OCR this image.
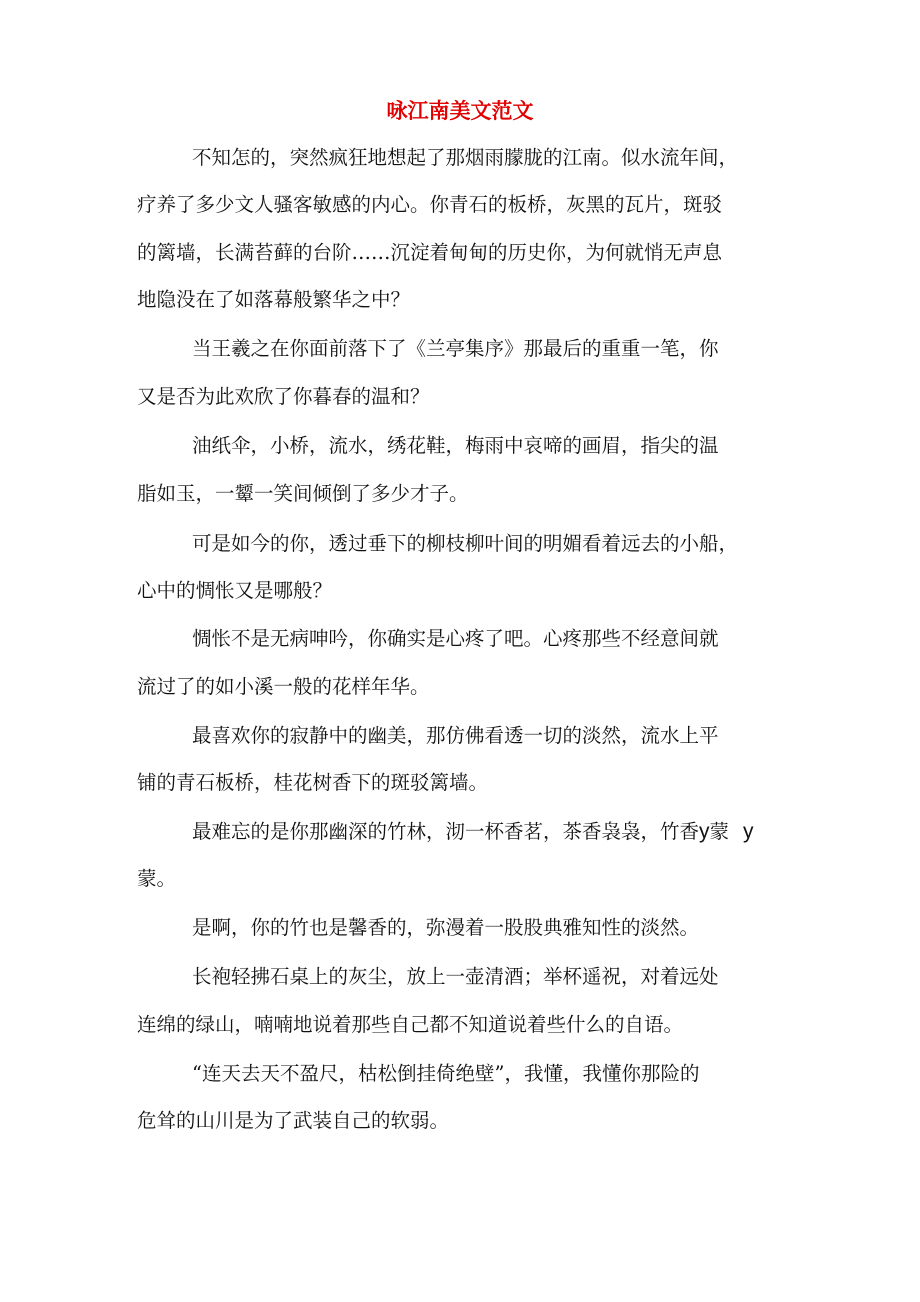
咏江南美文范文

不知怎的，突然疯狂地想起了那烟雨朦胧的江南。似水流年间，

疗养了多少文人骚客敏感的内心。你青石的板桥，灰黑的瓦片，斑驳

的篱墙，长满苔藓的台阶……沉淀着甸甸的历史你，为何就悄无声息

地隐没在了如落幕般繁华之中？

当王羲之在你面前落下了《兰亭集序》那最后的重重一笔，你

又是否为此欢欣了你暮春的温和？

油纸伞，小桥，流水，绣花鞋，梅雨中哀啼的画眉，指尖的温

脂如玉，一颦一笑间倾倒了多少才子。

可是如今的你，透过垂下的柳枝柳叶间的明媚看着远去的小船，

心中的惆怅又是哪般？

惆怅不是无病呻吟，你确实是心疼了吧。心疼那些不经意间就

流过了的如小溪一般的花样年华。

最喜欢你的寂静中的幽美，那仿佛看透一切的淡然，流水上平

铺的青石板桥，桂花树香下的斑驳篱墙。

最难忘的是你那幽深的竹林，沏一杯香茗，茶香袅袅，竹香y蒙 y

蒙。

是啊，你的竹也是馨香的，弥漫着一股股典雅知性的淡然。

长袍轻拂石桌上的灰尘，放上一壶清酒；举杯遥祝，对着远处

连绵的绿山，喃喃地说着那些自己都不知道说着些什么的自语。

“连天去天不盈尺，枯松倒挂倚绝壁”，我懂，我懂你那险的

危耸的山川是为了武装自己的软弱。
